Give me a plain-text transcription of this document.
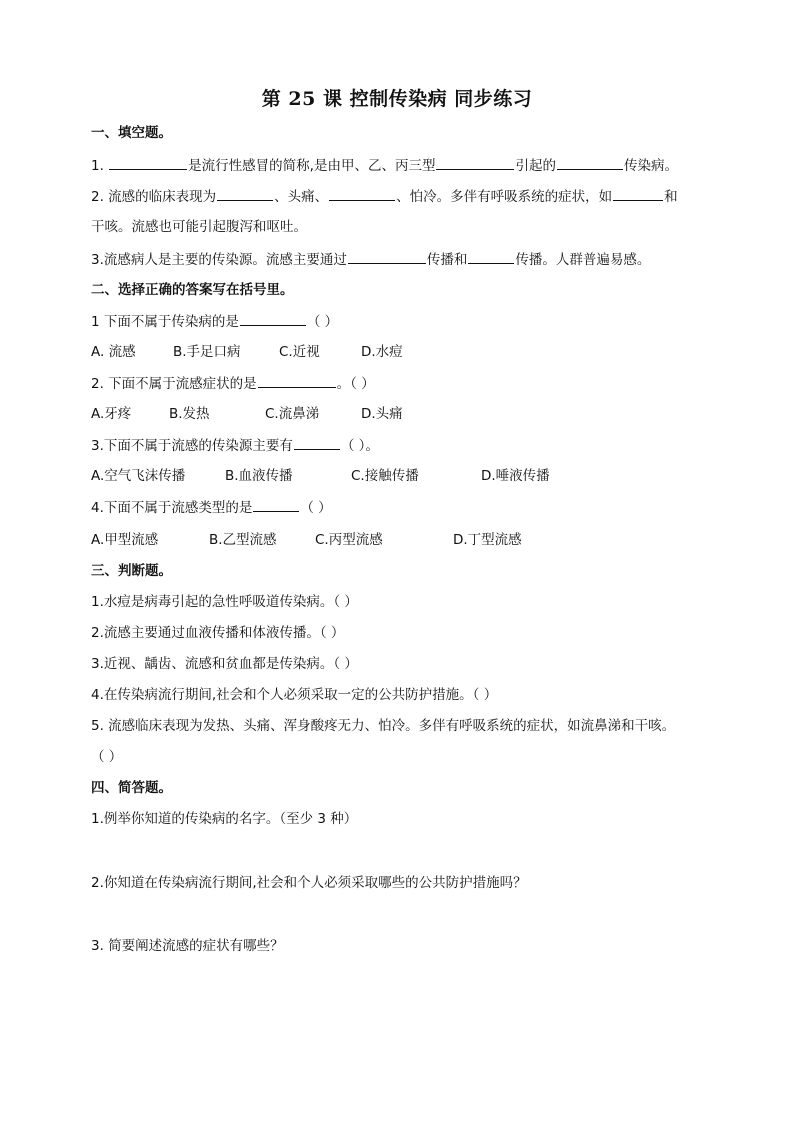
第 25 课 控制传染病 同步练习
一、填空题。
1.	是流行性感冒的简称,是由甲、乙、丙三型	引起的	传染病。
2. 流感的临床表现为	、头痛、	、怕冷。多伴有呼吸系统的症状，如	和
干咳。流感也可能引起腹泻和呕吐。
3.流感病人是主要的传染源。流感主要通过	传播和	传播。人群普遍易感。
二、选择正确的答案写在括号里。
1 下面不属于传染病的是	（ ）
A. 流感	B.手足口病	C.近视	D.水痘
2. 下面不属于流感症状的是	。（ ）
A.牙疼	B.发热	C.流鼻涕	D.头痛
3.下面不属于流感的传染源主要有	（ ）。
A.空气飞沫传播	B.血液传播	C.接触传播	D.唾液传播
4.下面不属于流感类型的是	（ ）
A.甲型流感	B.乙型流感	C.丙型流感	D.丁型流感
三、判断题。
1.水痘是病毒引起的急性呼吸道传染病。（ ）
2.流感主要通过血液传播和体液传播。（ ）
3.近视、龋齿、流感和贫血都是传染病。（ ）
4.在传染病流行期间,社会和个人必须采取一定的公共防护措施。（ ）
5. 流感临床表现为发热、头痛、浑身酸疼无力、怕冷。多伴有呼吸系统的症状，如流鼻涕和干咳。
（ ）
四、简答题。
1.例举你知道的传染病的名字。（至少 3 种）
2.你知道在传染病流行期间,社会和个人必须采取哪些的公共防护措施吗？
3. 简要阐述流感的症状有哪些？
